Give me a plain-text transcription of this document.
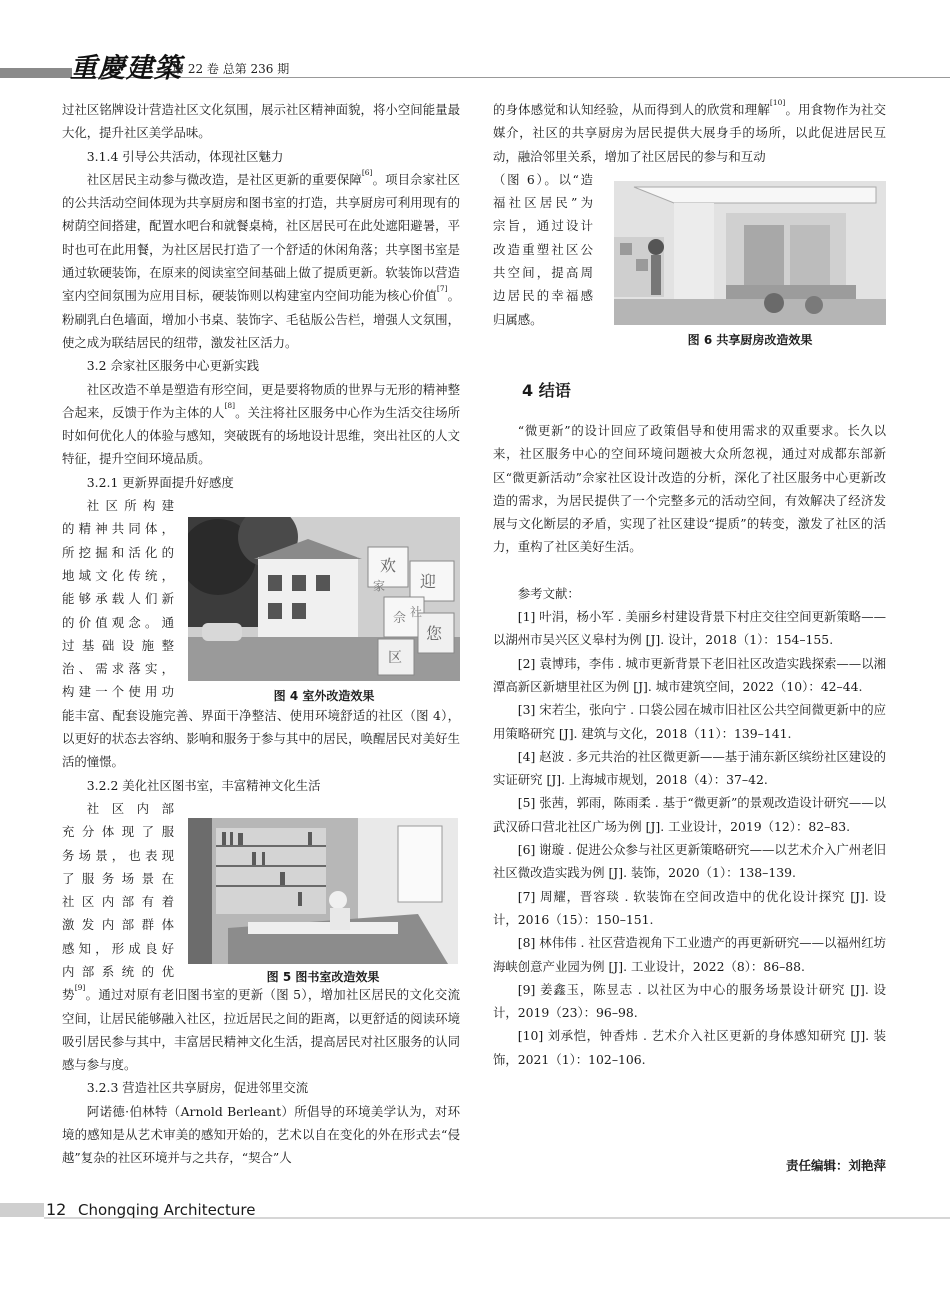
重慶建築
第 22 卷 总第 236 期
过社区铭牌设计营造社区文化氛围，展示社区精神面貌，将小空间能量最大化，提升社区美学品味。
3.1.4 引导公共活动，体现社区魅力
社区居民主动参与微改造，是社区更新的重要保障[6]。项目佘家社区的公共活动空间体现为共享厨房和图书室的打造，共享厨房可利用现有的树荫空间搭建，配置水吧台和就餐桌椅，社区居民可在此处遮阳避暑，平时也可在此用餐，为社区居民打造了一个舒适的休闲角落；共享图书室是通过软硬装饰，在原来的阅读室空间基础上做了提质更新。软装饰以营造室内空间氛围为应用目标，硬装饰则以构建室内空间功能为核心价值[7]。粉刷乳白色墙面，增加小书桌、装饰字、毛毡版公告栏，增强人文氛围，使之成为联结居民的纽带，激发社区活力。
3.2 佘家社区服务中心更新实践
社区改造不单是塑造有形空间，更是要将物质的世界与无形的精神整合起来，反馈于作为主体的人[8]。关注将社区服务中心作为生活交往场所时如何优化人的体验与感知，突破既有的场地设计思维，突出社区的人文特征，提升空间环境品质。
3.2.1 更新界面提升好感度
社区所构建
的精神共同体，
所挖掘和活化的
地域文化传统，
能够承载人们新
的价值观念。通
过基础设施整
治、需求落实，
构建一个使用功
能丰富、配套设施完善、界面干净整洁、使用环境舒适的社区（图 4），以更好的状态去容纳、影响和服务于参与其中的居民，唤醒居民对美好生活的憧憬。
3.2.2 美化社区图书室，丰富精神文化生活
社区内部
充分体现了服
务场景，也表现
了服务场景在
社区内部有着
激发内部群体
感知，形成良好
内部系统的优
势[9]。通过对原有老旧图书室的更新（图 5），增加社区居民的文化交流空间，让居民能够融入社区，拉近居民之间的距离，以更舒适的阅读环境吸引居民参与其中，丰富居民精神文化生活，提高居民对社区服务的认同感与参与度。
3.2.3 营造社区共享厨房，促进邻里交流
阿诺德·伯林特（Arnold Berleant）所倡导的环境美学认为，对环境的感知是从艺术审美的感知开始的，艺术以自在变化的外在形式去“侵越”复杂的社区环境并与之共存，“契合”人
欢
迎
您
佘
家
社
区
图 4 室外改造效果
图 5 图书室改造效果
的身体感觉和认知经验，从而得到人的欣赏和理解[10]。用食物作为社交媒介，社区的共享厨房为居民提供大展身手的场所，以此促进居民互动，融洽邻里关系，增加了社区居民的参与和互动
（图 6）。以“造
福社区居民”为
宗旨，通过设计
改造重塑社区公
共空间，提高周
边居民的幸福感
归属感。
图 6 共享厨房改造效果
4 结语
“微更新”的设计回应了政策倡导和使用需求的双重要求。长久以来，社区服务中心的空间环境问题被大众所忽视，通过对成都东部新区“微更新活动”佘家社区设计改造的分析，深化了社区服务中心更新改造的需求，为居民提供了一个完整多元的活动空间，有效解决了经济发展与文化断层的矛盾，实现了社区建设“提质”的转变，激发了社区的活力，重构了社区美好生活。
参考文献：
[1] 叶涓，杨小军 . 美丽乡村建设背景下村庄交往空间更新策略——以湖州市吴兴区义皋村为例 [J]. 设计，2018（1）：154–155.
[2] 袁博玮，李伟 . 城市更新背景下老旧社区改造实践探索——以湘潭高新区新塘里社区为例 [J]. 城市建筑空间，2022（10）：42–44.
[3] 宋若尘，张向宁 . 口袋公园在城市旧社区公共空间微更新中的应用策略研究 [J]. 建筑与文化，2018（11）：139–141.
[4] 赵波 . 多元共治的社区微更新——基于浦东新区缤纷社区建设的实证研究 [J]. 上海城市规划，2018（4）：37–42.
[5] 张茜，郭雨，陈雨柔 . 基于“微更新”的景观改造设计研究——以武汉硚口营北社区广场为例 [J]. 工业设计，2019（12）：82–83.
[6] 谢璇 . 促进公众参与社区更新策略研究——以艺术介入广州老旧社区微改造实践为例 [J]. 装饰，2020（1）：138–139.
[7] 周耀，晋容琰 . 软装饰在空间改造中的优化设计探究 [J]. 设计，2016（15）：150–151.
[8] 林伟伟 . 社区营造视角下工业遗产的再更新研究——以福州红坊海峡创意产业园为例 [J]. 工业设计，2022（8）：86–88.
[9] 姜鑫玉，陈昱志 . 以社区为中心的服务场景设计研究 [J]. 设计，2019（23）：96–98.
[10] 刘承恺，钟香炜 . 艺术介入社区更新的身体感知研究 [J]. 装饰，2021（1）：102–106.
责任编辑：刘艳萍
12 Chongqing Architecture
